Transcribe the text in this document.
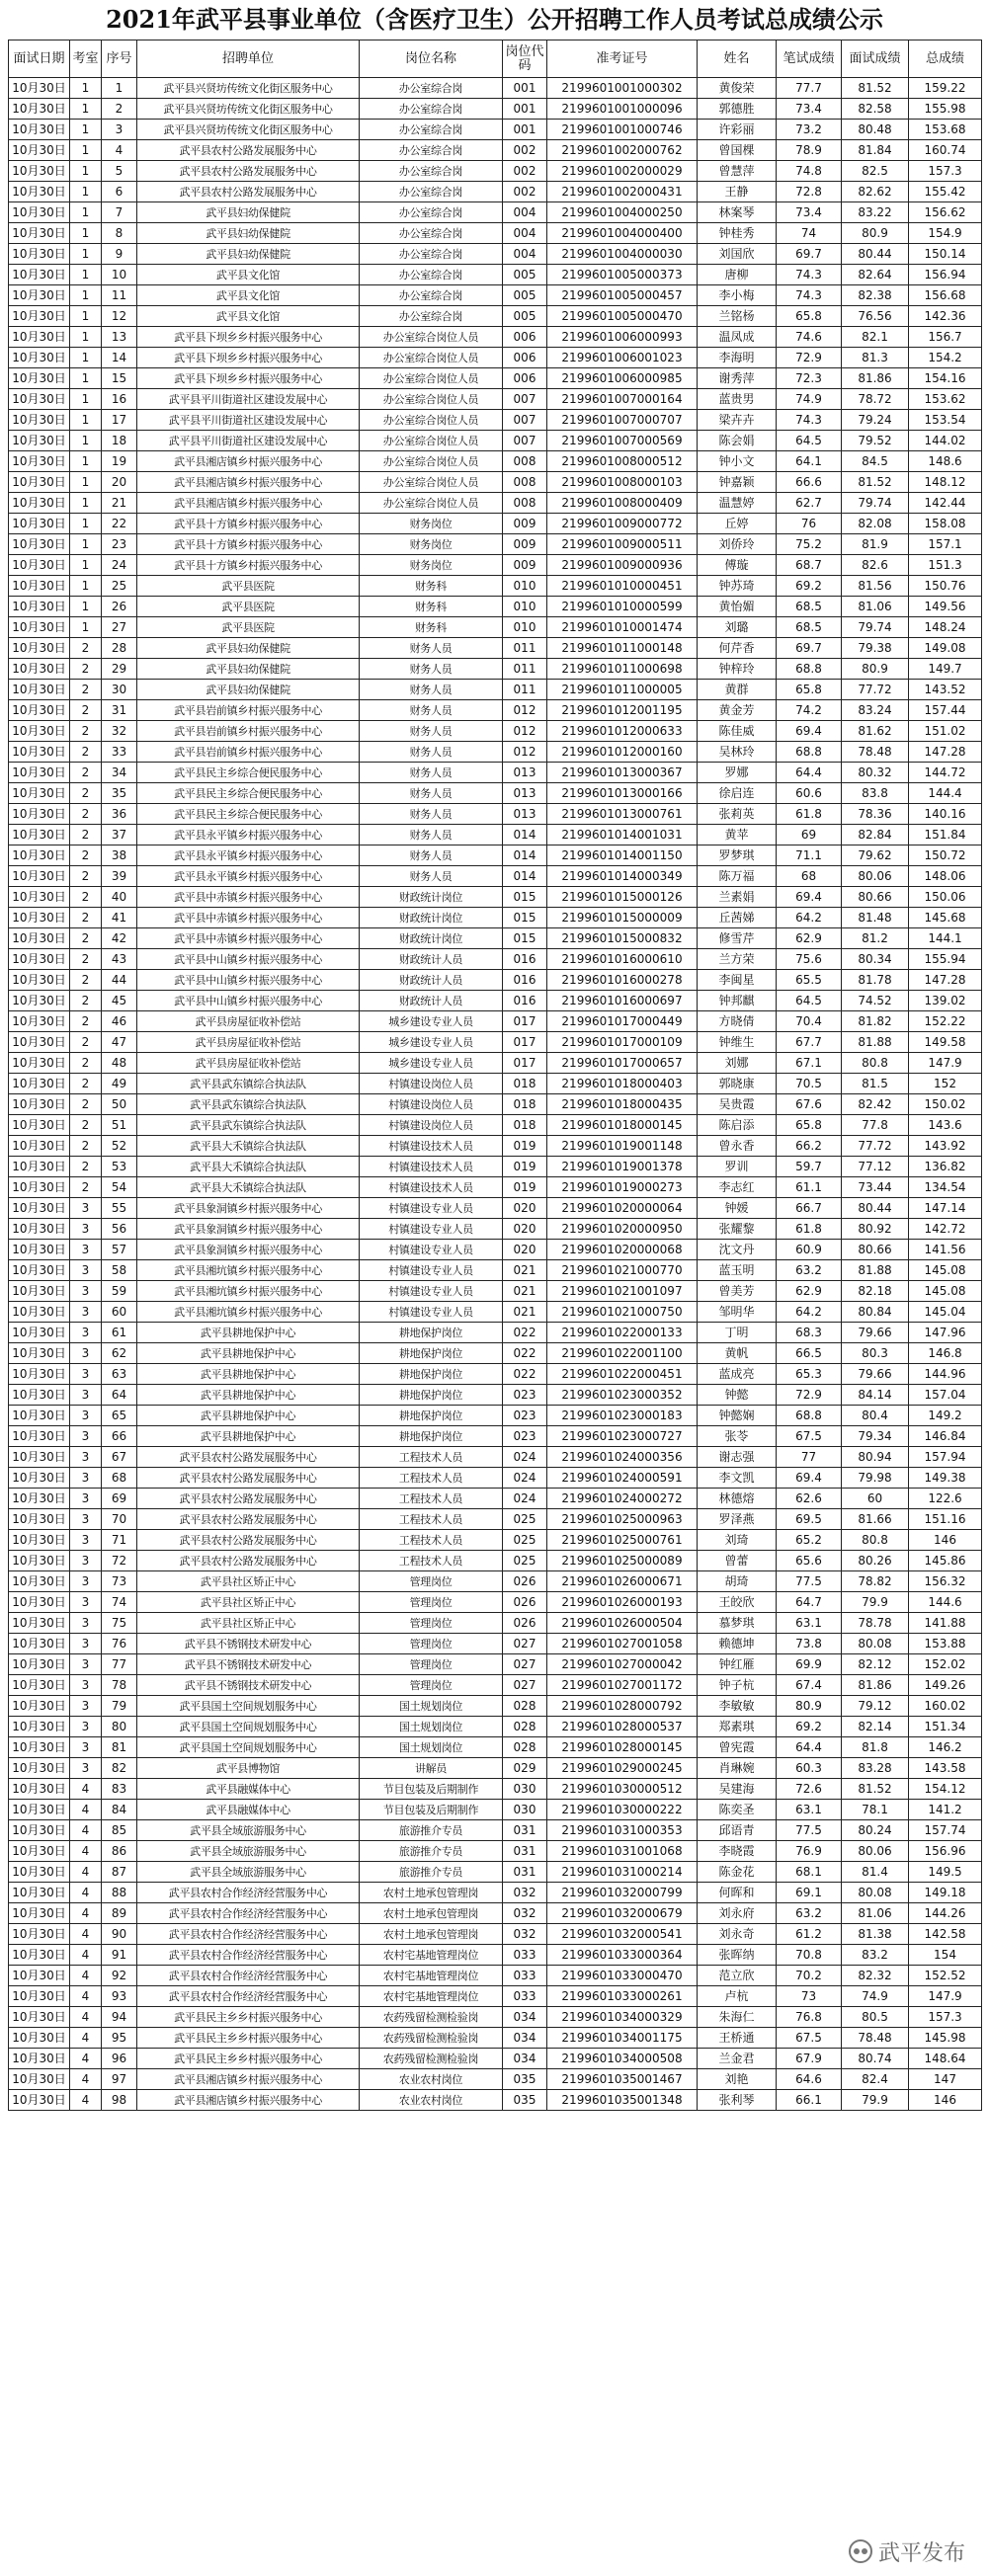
2021年武平县事业单位（含医疗卫生）公开招聘工作人员考试总成绩公示
面试日期	考室	序号	招聘单位	岗位名称	岗位代码	准考证号	姓名	笔试成绩	面试成绩	总成绩
10月30日	1	1	武平县兴贤坊传统文化街区服务中心	办公室综合岗	001	2199601001000302	黄俊荣	77.7	81.52	159.22
10月30日	1	2	武平县兴贤坊传统文化街区服务中心	办公室综合岗	001	2199601001000096	郭德胜	73.4	82.58	155.98
10月30日	1	3	武平县兴贤坊传统文化街区服务中心	办公室综合岗	001	2199601001000746	许彩丽	73.2	80.48	153.68
10月30日	1	4	武平县农村公路发展服务中心	办公室综合岗	002	2199601002000762	曾国棵	78.9	81.84	160.74
10月30日	1	5	武平县农村公路发展服务中心	办公室综合岗	002	2199601002000029	曾慧萍	74.8	82.5	157.3
10月30日	1	6	武平县农村公路发展服务中心	办公室综合岗	002	2199601002000431	王静	72.8	82.62	155.42
10月30日	1	7	武平县妇幼保健院	办公室综合岗	004	2199601004000250	林案琴	73.4	83.22	156.62
10月30日	1	8	武平县妇幼保健院	办公室综合岗	004	2199601004000400	钟桂秀	74	80.9	154.9
10月30日	1	9	武平县妇幼保健院	办公室综合岗	004	2199601004000030	刘国欣	69.7	80.44	150.14
10月30日	1	10	武平县文化馆	办公室综合岗	005	2199601005000373	唐柳	74.3	82.64	156.94
10月30日	1	11	武平县文化馆	办公室综合岗	005	2199601005000457	李小梅	74.3	82.38	156.68
10月30日	1	12	武平县文化馆	办公室综合岗	005	2199601005000470	兰铭杨	65.8	76.56	142.36
10月30日	1	13	武平县下坝乡乡村振兴服务中心	办公室综合岗位人员	006	2199601006000993	温凤成	74.6	82.1	156.7
10月30日	1	14	武平县下坝乡乡村振兴服务中心	办公室综合岗位人员	006	2199601006001023	李海明	72.9	81.3	154.2
10月30日	1	15	武平县下坝乡乡村振兴服务中心	办公室综合岗位人员	006	2199601006000985	谢秀萍	72.3	81.86	154.16
10月30日	1	16	武平县平川街道社区建设发展中心	办公室综合岗位人员	007	2199601007000164	蓝贵男	74.9	78.72	153.62
10月30日	1	17	武平县平川街道社区建设发展中心	办公室综合岗位人员	007	2199601007000707	梁卉卉	74.3	79.24	153.54
10月30日	1	18	武平县平川街道社区建设发展中心	办公室综合岗位人员	007	2199601007000569	陈会娟	64.5	79.52	144.02
10月30日	1	19	武平县湘店镇乡村振兴服务中心	办公室综合岗位人员	008	2199601008000512	钟小文	64.1	84.5	148.6
10月30日	1	20	武平县湘店镇乡村振兴服务中心	办公室综合岗位人员	008	2199601008000103	钟嘉颖	66.6	81.52	148.12
10月30日	1	21	武平县湘店镇乡村振兴服务中心	办公室综合岗位人员	008	2199601008000409	温慧婷	62.7	79.74	142.44
10月30日	1	22	武平县十方镇乡村振兴服务中心	财务岗位	009	2199601009000772	丘婷	76	82.08	158.08
10月30日	1	23	武平县十方镇乡村振兴服务中心	财务岗位	009	2199601009000511	刘侨玲	75.2	81.9	157.1
10月30日	1	24	武平县十方镇乡村振兴服务中心	财务岗位	009	2199601009000936	傅璇	68.7	82.6	151.3
10月30日	1	25	武平县医院	财务科	010	2199601010000451	钟苏琦	69.2	81.56	150.76
10月30日	1	26	武平县医院	财务科	010	2199601010000599	黄怡媚	68.5	81.06	149.56
10月30日	1	27	武平县医院	财务科	010	2199601010001474	刘璐	68.5	79.74	148.24
10月30日	2	28	武平县妇幼保健院	财务人员	011	2199601011000148	何芹香	69.7	79.38	149.08
10月30日	2	29	武平县妇幼保健院	财务人员	011	2199601011000698	钟梓玲	68.8	80.9	149.7
10月30日	2	30	武平县妇幼保健院	财务人员	011	2199601011000005	黄群	65.8	77.72	143.52
10月30日	2	31	武平县岩前镇乡村振兴服务中心	财务人员	012	2199601012001195	黄金芳	74.2	83.24	157.44
10月30日	2	32	武平县岩前镇乡村振兴服务中心	财务人员	012	2199601012000633	陈佳威	69.4	81.62	151.02
10月30日	2	33	武平县岩前镇乡村振兴服务中心	财务人员	012	2199601012000160	吴林玲	68.8	78.48	147.28
10月30日	2	34	武平县民主乡综合便民服务中心	财务人员	013	2199601013000367	罗娜	64.4	80.32	144.72
10月30日	2	35	武平县民主乡综合便民服务中心	财务人员	013	2199601013000166	徐启连	60.6	83.8	144.4
10月30日	2	36	武平县民主乡综合便民服务中心	财务人员	013	2199601013000761	张莉英	61.8	78.36	140.16
10月30日	2	37	武平县永平镇乡村振兴服务中心	财务人员	014	2199601014001031	黄苹	69	82.84	151.84
10月30日	2	38	武平县永平镇乡村振兴服务中心	财务人员	014	2199601014001150	罗梦琪	71.1	79.62	150.72
10月30日	2	39	武平县永平镇乡村振兴服务中心	财务人员	014	2199601014000349	陈万福	68	80.06	148.06
10月30日	2	40	武平县中赤镇乡村振兴服务中心	财政统计岗位	015	2199601015000126	兰素娟	69.4	80.66	150.06
10月30日	2	41	武平县中赤镇乡村振兴服务中心	财政统计岗位	015	2199601015000009	丘茜娣	64.2	81.48	145.68
10月30日	2	42	武平县中赤镇乡村振兴服务中心	财政统计岗位	015	2199601015000832	修雪芹	62.9	81.2	144.1
10月30日	2	43	武平县中山镇乡村振兴服务中心	财政统计人员	016	2199601016000610	兰方荣	75.6	80.34	155.94
10月30日	2	44	武平县中山镇乡村振兴服务中心	财政统计人员	016	2199601016000278	李闽星	65.5	81.78	147.28
10月30日	2	45	武平县中山镇乡村振兴服务中心	财政统计人员	016	2199601016000697	钟邦麒	64.5	74.52	139.02
10月30日	2	46	武平县房屋征收补偿站	城乡建设专业人员	017	2199601017000449	方晓倩	70.4	81.82	152.22
10月30日	2	47	武平县房屋征收补偿站	城乡建设专业人员	017	2199601017000109	钟维生	67.7	81.88	149.58
10月30日	2	48	武平县房屋征收补偿站	城乡建设专业人员	017	2199601017000657	刘娜	67.1	80.8	147.9
10月30日	2	49	武平县武东镇综合执法队	村镇建设岗位人员	018	2199601018000403	郭晓康	70.5	81.5	152
10月30日	2	50	武平县武东镇综合执法队	村镇建设岗位人员	018	2199601018000435	吴贵霞	67.6	82.42	150.02
10月30日	2	51	武平县武东镇综合执法队	村镇建设岗位人员	018	2199601018000145	陈启添	65.8	77.8	143.6
10月30日	2	52	武平县大禾镇综合执法队	村镇建设技术人员	019	2199601019001148	曾永香	66.2	77.72	143.92
10月30日	2	53	武平县大禾镇综合执法队	村镇建设技术人员	019	2199601019001378	罗训	59.7	77.12	136.82
10月30日	2	54	武平县大禾镇综合执法队	村镇建设技术人员	019	2199601019000273	李志红	61.1	73.44	134.54
10月30日	3	55	武平县象洞镇乡村振兴服务中心	村镇建设专业人员	020	2199601020000064	钟媛	66.7	80.44	147.14
10月30日	3	56	武平县象洞镇乡村振兴服务中心	村镇建设专业人员	020	2199601020000950	张耀黎	61.8	80.92	142.72
10月30日	3	57	武平县象洞镇乡村振兴服务中心	村镇建设专业人员	020	2199601020000068	沈文丹	60.9	80.66	141.56
10月30日	3	58	武平县湘坑镇乡村振兴服务中心	村镇建设专业人员	021	2199601021000770	蓝玉明	63.2	81.88	145.08
10月30日	3	59	武平县湘坑镇乡村振兴服务中心	村镇建设专业人员	021	2199601021001097	曾美芳	62.9	82.18	145.08
10月30日	3	60	武平县湘坑镇乡村振兴服务中心	村镇建设专业人员	021	2199601021000750	邹明华	64.2	80.84	145.04
10月30日	3	61	武平县耕地保护中心	耕地保护岗位	022	2199601022000133	丁明	68.3	79.66	147.96
10月30日	3	62	武平县耕地保护中心	耕地保护岗位	022	2199601022001100	黄帆	66.5	80.3	146.8
10月30日	3	63	武平县耕地保护中心	耕地保护岗位	022	2199601022000451	蓝成亮	65.3	79.66	144.96
10月30日	3	64	武平县耕地保护中心	耕地保护岗位	023	2199601023000352	钟懿	72.9	84.14	157.04
10月30日	3	65	武平县耕地保护中心	耕地保护岗位	023	2199601023000183	钟懿娴	68.8	80.4	149.2
10月30日	3	66	武平县耕地保护中心	耕地保护岗位	023	2199601023000727	张苓	67.5	79.34	146.84
10月30日	3	67	武平县农村公路发展服务中心	工程技术人员	024	2199601024000356	谢志强	77	80.94	157.94
10月30日	3	68	武平县农村公路发展服务中心	工程技术人员	024	2199601024000591	李文凯	69.4	79.98	149.38
10月30日	3	69	武平县农村公路发展服务中心	工程技术人员	024	2199601024000272	林德熔	62.6	60	122.6
10月30日	3	70	武平县农村公路发展服务中心	工程技术人员	025	2199601025000963	罗泽燕	69.5	81.66	151.16
10月30日	3	71	武平县农村公路发展服务中心	工程技术人员	025	2199601025000761	刘琦	65.2	80.8	146
10月30日	3	72	武平县农村公路发展服务中心	工程技术人员	025	2199601025000089	曾蕾	65.6	80.26	145.86
10月30日	3	73	武平县社区矫正中心	管理岗位	026	2199601026000671	胡琦	77.5	78.82	156.32
10月30日	3	74	武平县社区矫正中心	管理岗位	026	2199601026000193	王皎欣	64.7	79.9	144.6
10月30日	3	75	武平县社区矫正中心	管理岗位	026	2199601026000504	慕梦琪	63.1	78.78	141.88
10月30日	3	76	武平县不锈钢技术研发中心	管理岗位	027	2199601027001058	赖德坤	73.8	80.08	153.88
10月30日	3	77	武平县不锈钢技术研发中心	管理岗位	027	2199601027000042	钟红雁	69.9	82.12	152.02
10月30日	3	78	武平县不锈钢技术研发中心	管理岗位	027	2199601027001172	钟子杭	67.4	81.86	149.26
10月30日	3	79	武平县国土空间规划服务中心	国土规划岗位	028	2199601028000792	李敏敏	80.9	79.12	160.02
10月30日	3	80	武平县国土空间规划服务中心	国土规划岗位	028	2199601028000537	郑素琪	69.2	82.14	151.34
10月30日	3	81	武平县国土空间规划服务中心	国土规划岗位	028	2199601028000145	曾宪霞	64.4	81.8	146.2
10月30日	3	82	武平县博物馆	讲解员	029	2199601029000245	肖琳婉	60.3	83.28	143.58
10月30日	4	83	武平县融媒体中心	节目包装及后期制作	030	2199601030000512	吴建海	72.6	81.52	154.12
10月30日	4	84	武平县融媒体中心	节目包装及后期制作	030	2199601030000222	陈奕圣	63.1	78.1	141.2
10月30日	4	85	武平县全域旅游服务中心	旅游推介专员	031	2199601031000353	邱语青	77.5	80.24	157.74
10月30日	4	86	武平县全域旅游服务中心	旅游推介专员	031	2199601031001068	李晓霞	76.9	80.06	156.96
10月30日	4	87	武平县全域旅游服务中心	旅游推介专员	031	2199601031000214	陈金花	68.1	81.4	149.5
10月30日	4	88	武平县农村合作经济经营服务中心	农村土地承包管理岗	032	2199601032000799	何晖和	69.1	80.08	149.18
10月30日	4	89	武平县农村合作经济经营服务中心	农村土地承包管理岗	032	2199601032000679	刘永府	63.2	81.06	144.26
10月30日	4	90	武平县农村合作经济经营服务中心	农村土地承包管理岗	032	2199601032000541	刘永奇	61.2	81.38	142.58
10月30日	4	91	武平县农村合作经济经营服务中心	农村宅基地管理岗位	033	2199601033000364	张晖纳	70.8	83.2	154
10月30日	4	92	武平县农村合作经济经营服务中心	农村宅基地管理岗位	033	2199601033000470	范立欣	70.2	82.32	152.52
10月30日	4	93	武平县农村合作经济经营服务中心	农村宅基地管理岗位	033	2199601033000261	卢杭	73	74.9	147.9
10月30日	4	94	武平县民主乡乡村振兴服务中心	农药残留检测检验岗	034	2199601034000329	朱海仁	76.8	80.5	157.3
10月30日	4	95	武平县民主乡乡村振兴服务中心	农药残留检测检验岗	034	2199601034001175	王桥通	67.5	78.48	145.98
10月30日	4	96	武平县民主乡乡村振兴服务中心	农药残留检测检验岗	034	2199601034000508	兰金君	67.9	80.74	148.64
10月30日	4	97	武平县湘店镇乡村振兴服务中心	农业农村岗位	035	2199601035001467	刘艳	64.6	82.4	147
10月30日	4	98	武平县湘店镇乡村振兴服务中心	农业农村岗位	035	2199601035001348	张利琴	66.1	79.9	146
武平发布
